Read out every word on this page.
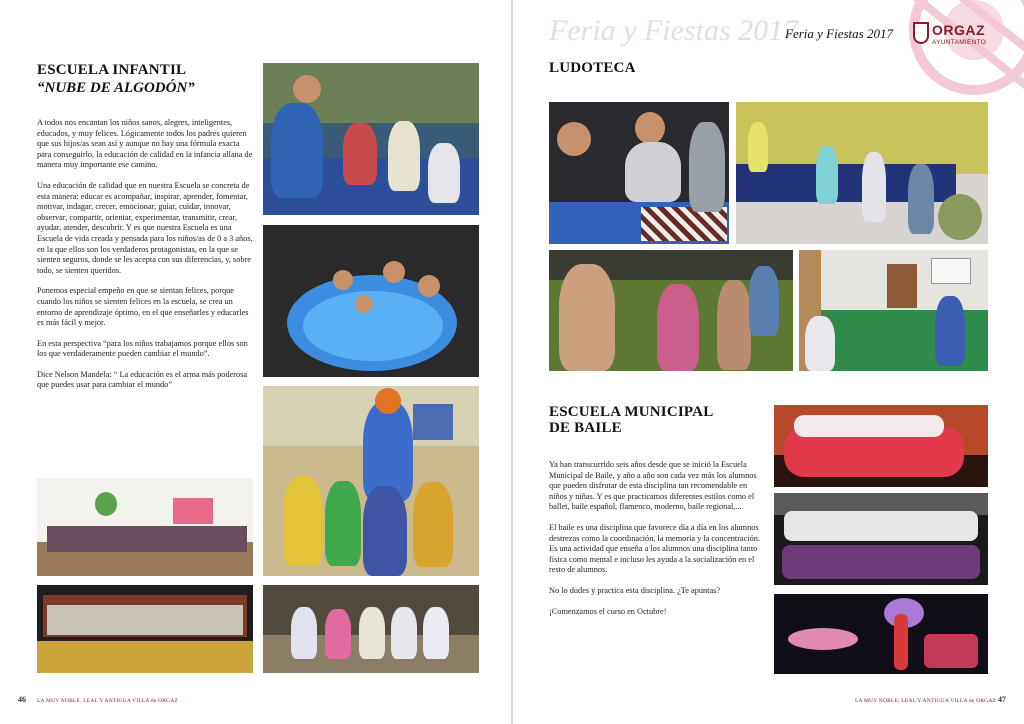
ESCUELA INFANTIL
“NUBE DE ALGODÓN”

A todos nos encantan los niños sanos, alegres, inteligentes, educados, y muy felices. Lógicamente todos los padres quieren que sus hijos/as sean así y aunque no hay una fórmula exacta para conseguirlo, la educación de calidad en la infancia allana de manera muy importante ese camino.

Una educación de calidad que en nuestra Escuela se concreta de esta manera: educar es acompañar, inspirar, aprender, fomentar, motivar, indagar, crecer, emocionar, guiar, cuidar, innovar, observar, compartir, orientar, experimentar, transmitir, crear, ayudar, atender, descubrir. Y es que nuestra Escuela es una Escuela de vida creada y pensada para los niños/as de 0 a 3 años, en la que ellos son los verdaderos protagonistas, en la que se sienten seguros, donde se les acepta con sus diferencias, y, sobre todo, se sienten queridos.

Ponemos especial empeño en que se sientan felices, porque cuando los niños se sienten felices en la escuela, se crea un entorno de aprendizaje óptimo, en el que enseñarles y educarles es más fácil y mejor.

En esta perspectiva “para los niños trabajamos porque ellos son los que verdaderamente pueden cambiar el mundo”.

Dice Nelson Mandela: “ La educación es el arma más poderosa que puedes usar para cambiar el mundo”

46 LA MUY NOBLE, LEAL Y ANTIGUA VILLA de ORGAZ
Feria y Fiestas 2017
Feria y Fiestas 2017	ORGAZ
AYUNTAMIENTO
LUDOTECA
ESCUELA MUNICIPAL
DE BAILE

Ya han transcurrido seis años desde que se inició la Escuela Municipal de Baile, y año a año son cada vez más los alumnos que pueden disfrutar de esta disciplina tan recomendable en niños y niñas. Y es que practicamos diferentes estilos como el ballet, baile español, flamenco, moderno, baile regional,...

El baile es una disciplina que favorece día a día en los alumnos destrezas como la coordinación, la memoria y la concentración. Es una actividad que enseña a los alumnos una disciplina tanto física como mental e incluso les ayuda a la socialización en el resto de alumnos.

No lo dudes y practica esta disciplina. ¿Te apuntas?

¡Comenzamos el curso en Octubre!

LA MUY NOBLE, LEAL Y ANTIGUA VILLA de ORGAZ 47
